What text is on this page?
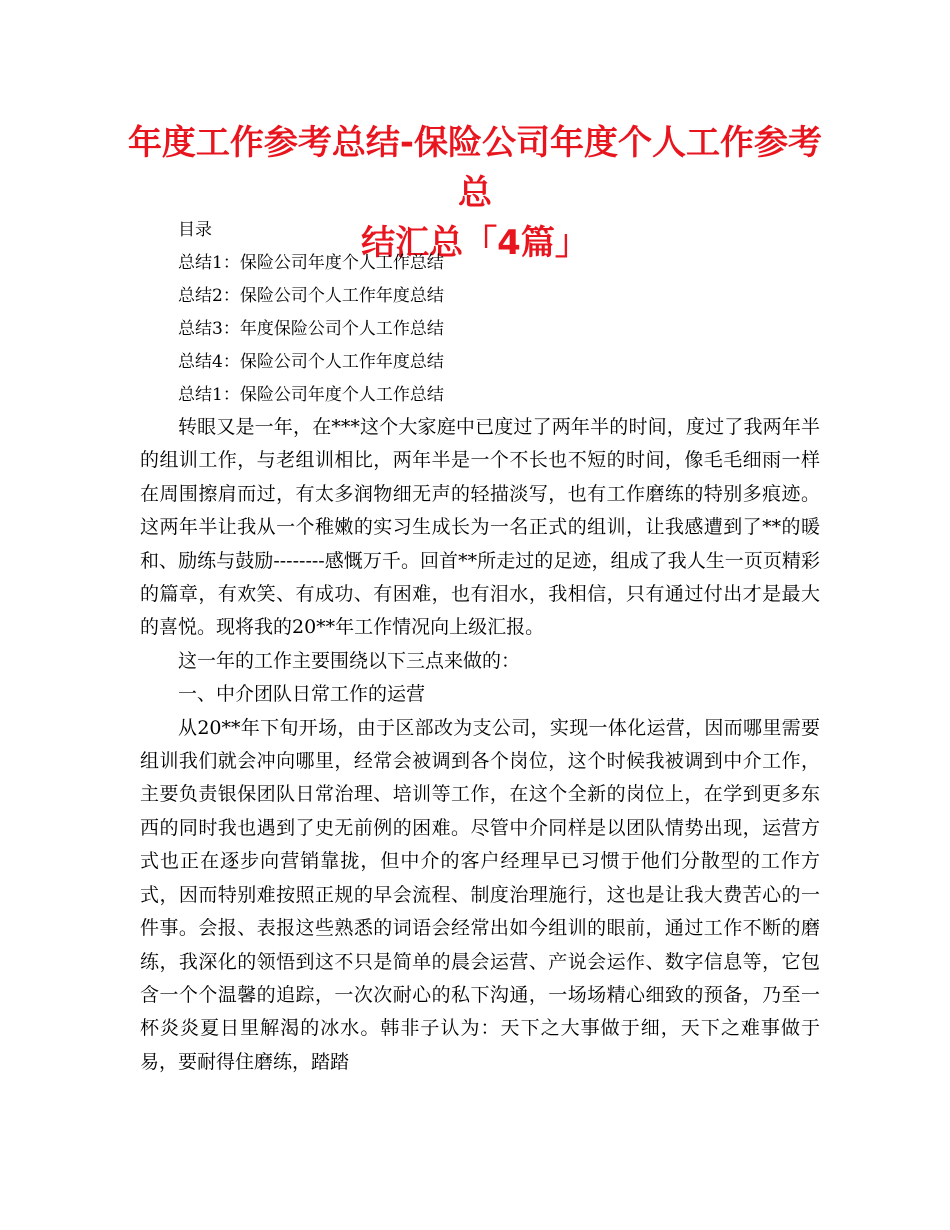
年度工作参考总结-保险公司年度个人工作参考总
结汇总「4篇」
目录
总结1：保险公司年度个人工作总结
总结2：保险公司个人工作年度总结
总结3：年度保险公司个人工作总结
总结4：保险公司个人工作年度总结
总结1：保险公司年度个人工作总结

转眼又是一年，在***这个大家庭中已度过了两年半的时间，度过了我两年半的组训工作，与老组训相比，两年半是一个不长也不短的时间，像毛毛细雨一样在周围擦肩而过，有太多润物细无声的轻描淡写，也有工作磨练的特别多痕迹。这两年半让我从一个稚嫩的实习生成长为一名正式的组训，让我感遭到了**的暖和、励练与鼓励--------感慨万千。回首**所走过的足迹，组成了我人生一页页精彩的篇章，有欢笑、有成功、有困难，也有泪水，我相信，只有通过付出才是最大的喜悦。现将我的20**年工作情况向上级汇报。

这一年的工作主要围绕以下三点来做的：

一、中介团队日常工作的运营

从20**年下旬开场，由于区部改为支公司，实现一体化运营，因而哪里需要组训我们就会冲向哪里，经常会被调到各个岗位，这个时候我被调到中介工作，主要负责银保团队日常治理、培训等工作，在这个全新的岗位上，在学到更多东西的同时我也遇到了史无前例的困难。尽管中介同样是以团队情势出现，运营方式也正在逐步向营销靠拢，但中介的客户经理早已习惯于他们分散型的工作方式，因而特别难按照正规的早会流程、制度治理施行，这也是让我大费苦心的一件事。会报、表报这些熟悉的词语会经常出如今组训的眼前，通过工作不断的磨练，我深化的领悟到这不只是简单的晨会运营、产说会运作、数字信息等，它包含一个个温馨的追踪，一次次耐心的私下沟通，一场场精心细致的预备，乃至一杯炎炎夏日里解渴的冰水。韩非子认为：天下之大事做于细，天下之难事做于易，要耐得住磨练，踏踏
